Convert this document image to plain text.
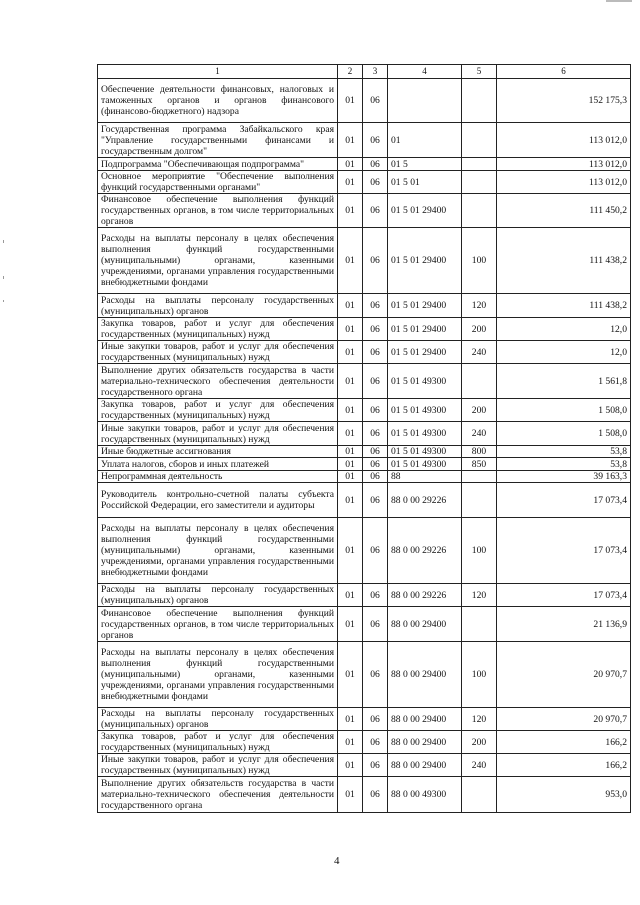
1	2	3	4	5	6
Обеспечение деятельности финансовых, налоговых и таможенных органов и органов финансового (финансово-бюджетного) надзора	01	06			152 175,3
Государственная программа Забайкальского края "Управление государственными финансами и государственным долгом"	01	06	01		113 012,0
Подпрограмма "Обеспечивающая подпрограмма"	01	06	01 5		113 012,0
Основное мероприятие "Обеспечение выполнения функций государственными органами"	01	06	01 5 01		113 012,0
Финансовое обеспечение выполнения функций государственных органов, в том числе территориальных органов	01	06	01 5 01 29400		111 450,2
Расходы на выплаты персоналу в целях обеспечения выполнения функций государственными (муниципальными) органами, казенными учреждениями, органами управления государственными внебюджетными фондами	01	06	01 5 01 29400	100	111 438,2
Расходы на выплаты персоналу государственных (муниципальных) органов	01	06	01 5 01 29400	120	111 438,2
Закупка товаров, работ и услуг для обеспечения государственных (муниципальных) нужд	01	06	01 5 01 29400	200	12,0
Иные закупки товаров, работ и услуг для обеспечения государственных (муниципальных) нужд	01	06	01 5 01 29400	240	12,0
Выполнение других обязательств государства в части материально-технического обеспечения деятельности государственного органа	01	06	01 5 01 49300		1 561,8
Закупка товаров, работ и услуг для обеспечения государственных (муниципальных) нужд	01	06	01 5 01 49300	200	1 508,0
Иные закупки товаров, работ и услуг для обеспечения государственных (муниципальных) нужд	01	06	01 5 01 49300	240	1 508,0
Иные бюджетные ассигнования	01	06	01 5 01 49300	800	53,8
Уплата налогов, сборов и иных платежей	01	06	01 5 01 49300	850	53,8
Непрограммная деятельность	01	06	88		39 163,3
Руководитель контрольно-счетной палаты субъекта Российской Федерации, его заместители и аудиторы	01	06	88 0 00 29226		17 073,4
Расходы на выплаты персоналу в целях обеспечения выполнения функций государственными (муниципальными) органами, казенными учреждениями, органами управления государственными внебюджетными фондами	01	06	88 0 00 29226	100	17 073,4
Расходы на выплаты персоналу государственных (муниципальных) органов	01	06	88 0 00 29226	120	17 073,4
Финансовое обеспечение выполнения функций государственных органов, в том числе территориальных органов	01	06	88 0 00 29400		21 136,9
Расходы на выплаты персоналу в целях обеспечения выполнения функций государственными (муниципальными) органами, казенными учреждениями, органами управления государственными внебюджетными фондами	01	06	88 0 00 29400	100	20 970,7
Расходы на выплаты персоналу государственных (муниципальных) органов	01	06	88 0 00 29400	120	20 970,7
Закупка товаров, работ и услуг для обеспечения государственных (муниципальных) нужд	01	06	88 0 00 29400	200	166,2
Иные закупки товаров, работ и услуг для обеспечения государственных (муниципальных) нужд	01	06	88 0 00 29400	240	166,2
Выполнение других обязательств государства в части материально-технического обеспечения деятельности государственного органа	01	06	88 0 00 49300		953,0
4
